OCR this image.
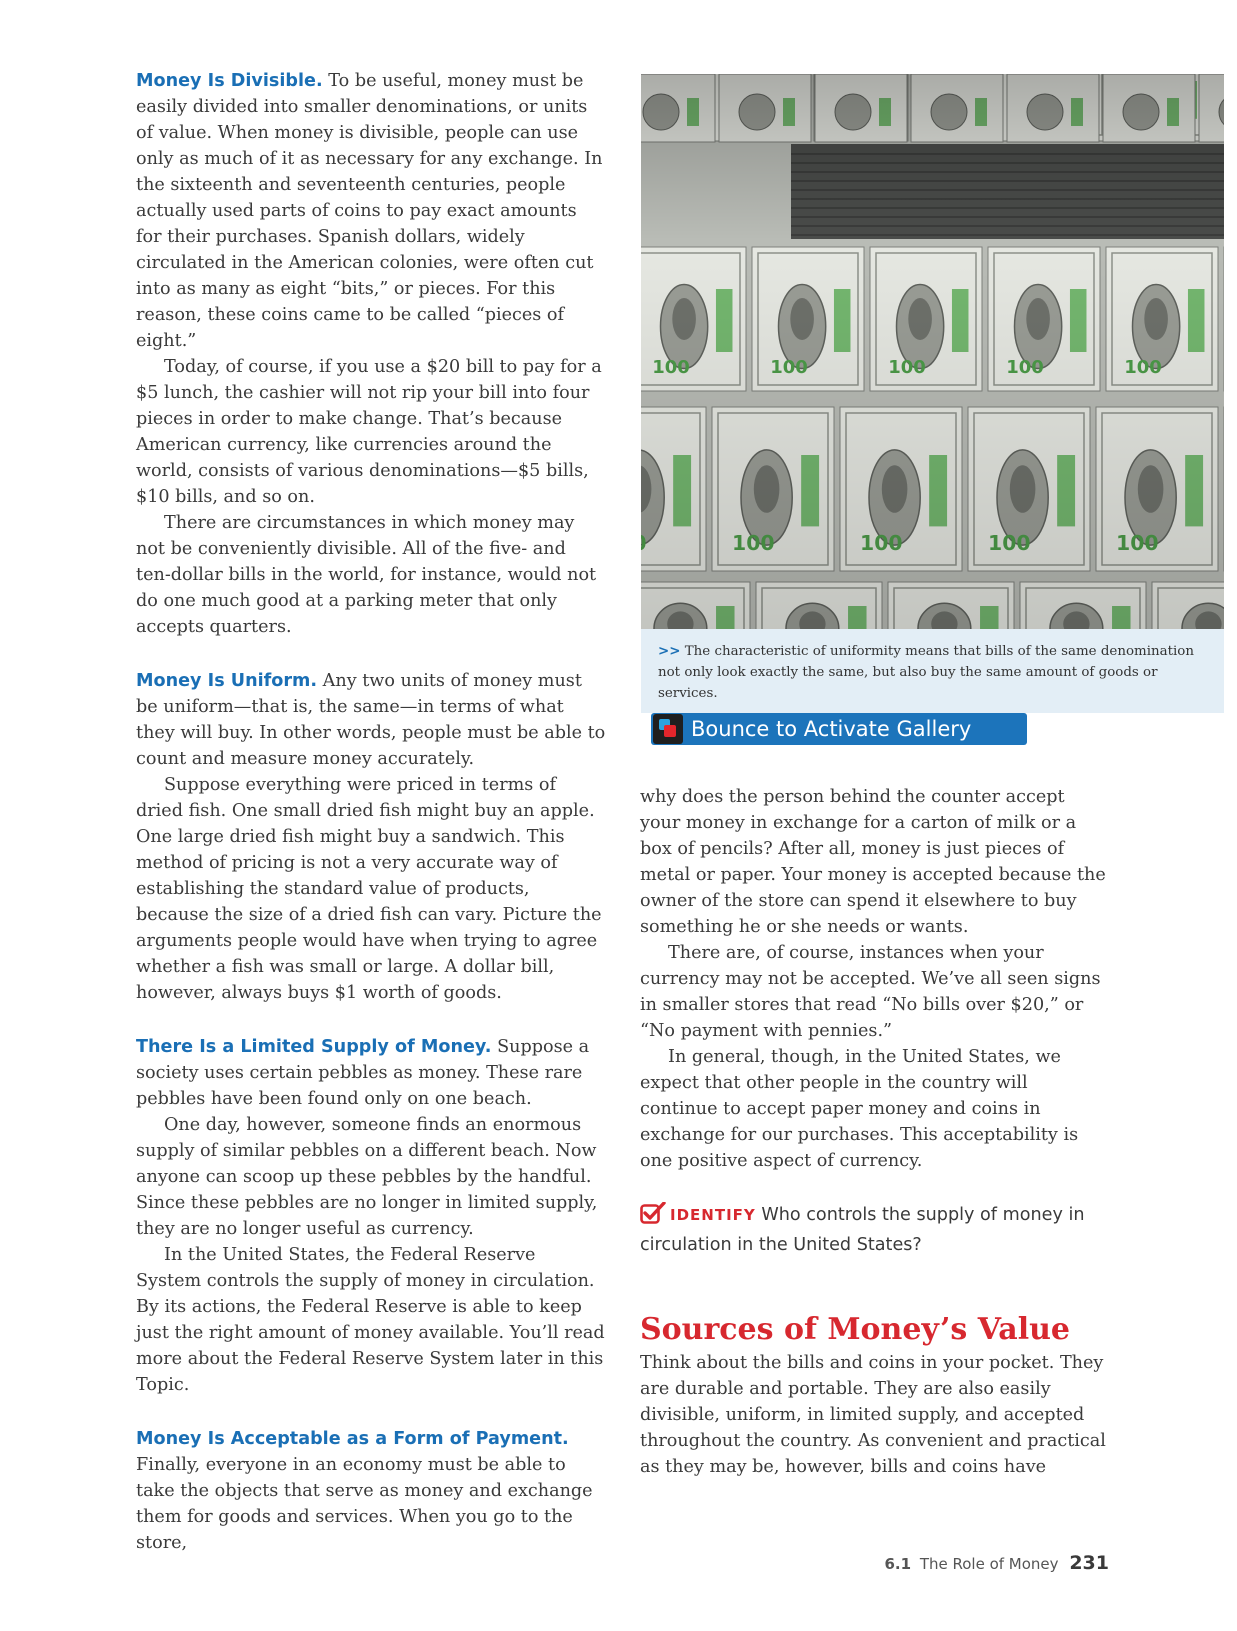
Money Is Divisible. To be useful, money must be easily divided into smaller denominations, or units of value. When money is divisible, people can use only as much of it as necessary for any exchange. In the sixteenth and seventeenth centuries, people actually used parts of coins to pay exact amounts for their purchases. Spanish dollars, widely circulated in the American colonies, were often cut into as many as eight “bits,” or pieces. For this reason, these coins came to be called “pieces of eight.”

Today, of course, if you use a $20 bill to pay for a $5 lunch, the cashier will not rip your bill into four pieces in order to make change. That’s because American currency, like currencies around the world, consists of various denominations—$5 bills, $10 bills, and so on.

There are circumstances in which money may not be conveniently divisible. All of the five- and ten-dollar bills in the world, for instance, would not do one much good at a parking meter that only accepts quarters.

Money Is Uniform. Any two units of money must be uniform—that is, the same—in terms of what they will buy. In other words, people must be able to count and measure money accurately.

Suppose everything were priced in terms of dried fish. One small dried fish might buy an apple. One large dried fish might buy a sandwich. This method of pricing is not a very accurate way of establishing the standard value of products, because the size of a dried fish can vary. Picture the arguments people would have when trying to agree whether a fish was small or large. A dollar bill, however, always buys $1 worth of goods.

There Is a Limited Supply of Money. Suppose a society uses certain pebbles as money. These rare pebbles have been found only on one beach.

One day, however, someone finds an enormous supply of similar pebbles on a different beach. Now anyone can scoop up these pebbles by the handful. Since these pebbles are no longer in limited supply, they are no longer useful as currency.

In the United States, the Federal Reserve System controls the supply of money in circulation. By its actions, the Federal Reserve is able to keep just the right amount of money available. You’ll read more about the Federal Reserve System later in this Topic.

Money Is Acceptable as a Form of Payment.

Finally, everyone in an economy must be able to take the objects that serve as money and exchange them for goods and services. When you go to the store,

>> The characteristic of uniformity means that bills of the same denomination not only look exactly the same, but also buy the same amount of goods or services.
Bounce to Activate Gallery

why does the person behind the counter accept your money in exchange for a carton of milk or a box of pencils? After all, money is just pieces of metal or paper. Your money is accepted because the owner of the store can spend it elsewhere to buy something he or she needs or wants.

There are, of course, instances when your currency may not be accepted. We’ve all seen signs in smaller stores that read “No bills over $20,” or “No payment with pennies.”

In general, though, in the United States, we expect that other people in the country will continue to accept paper money and coins in exchange for our purchases. This acceptability is one positive aspect of currency.

IDENTIFY Who controls the supply of money in circulation in the United States?

Sources of Money’s Value

Think about the bills and coins in your pocket. They are durable and portable. They are also easily divisible, uniform, in limited supply, and accepted throughout the country. As convenient and practical as they may be, however, bills and coins have

6.1 The Role of Money 231
